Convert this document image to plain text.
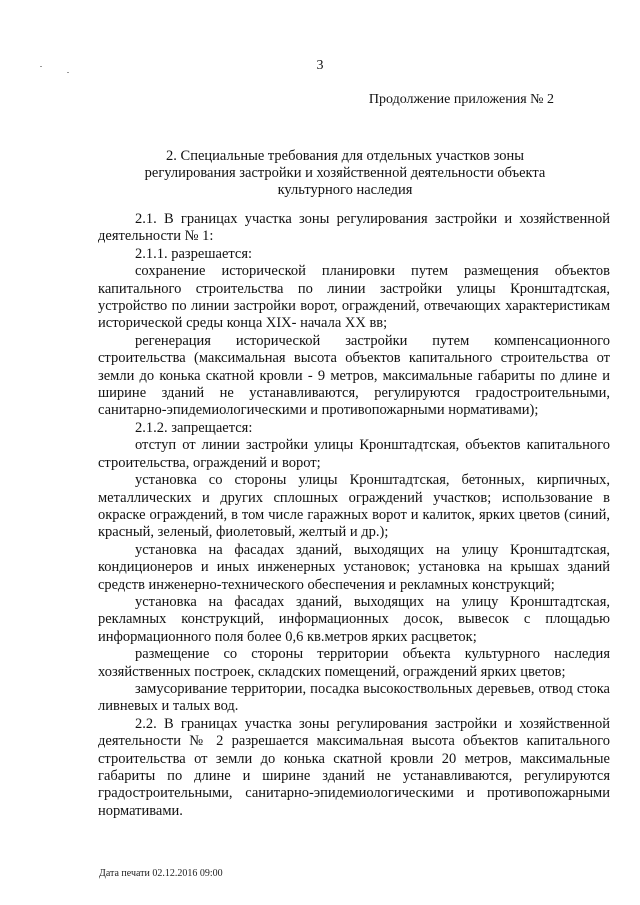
3
Продолжение приложения № 2
2. Специальные требования для отдельных участков зоны
регулирования застройки и хозяйственной деятельности объекта
культурного наследия

2.1. В границах участка зоны регулирования застройки и хозяйственной деятельности № 1:

2.1.1. разрешается:

сохранение исторической планировки путем размещения объектов капитального строительства по линии застройки улицы Кронштадтская, устройство по линии застройки ворот, ограждений, отвечающих характеристикам исторической среды конца XIX- начала XX вв;

регенерация исторической застройки путем компенсационного строительства (максимальная высота объектов капитального строительства от земли до конька скатной кровли - 9 метров, максимальные габариты по длине и ширине зданий не устанавливаются, регулируются градостроительными, санитарно-эпидемиологическими и противопожарными нормативами);

2.1.2. запрещается:

отступ от линии застройки улицы Кронштадтская, объектов капитального строительства, ограждений и ворот;

установка со стороны улицы Кронштадтская, бетонных, кирпичных, металлических и других сплошных ограждений участков; использование в окраске ограждений, в том числе гаражных ворот и калиток, ярких цветов (синий, красный, зеленый, фиолетовый, желтый и др.);

установка на фасадах зданий, выходящих на улицу Кронштадтская, кондиционеров и иных инженерных установок; установка на крышах зданий средств инженерно-технического обеспечения и рекламных конструкций;

установка на фасадах зданий, выходящих на улицу Кронштадтская, рекламных конструкций, информационных досок, вывесок с площадью информационного поля более 0,6 кв.метров ярких расцветок;

размещение со стороны территории объекта культурного наследия хозяйственных построек, складских помещений, ограждений ярких цветов;

замусоривание территории, посадка высокоствольных деревьев, отвод стока ливневых и талых вод.

2.2. В границах участка зоны регулирования застройки и хозяйственной деятельности № 2 разрешается максимальная высота объектов капитального строительства от земли до конька скатной кровли 20 метров, максимальные габариты по длине и ширине зданий не устанавливаются, регулируются градостроительными, санитарно-эпидемиологическими и противопожарными нормативами.

Дата печати 02.12.2016 09:00
